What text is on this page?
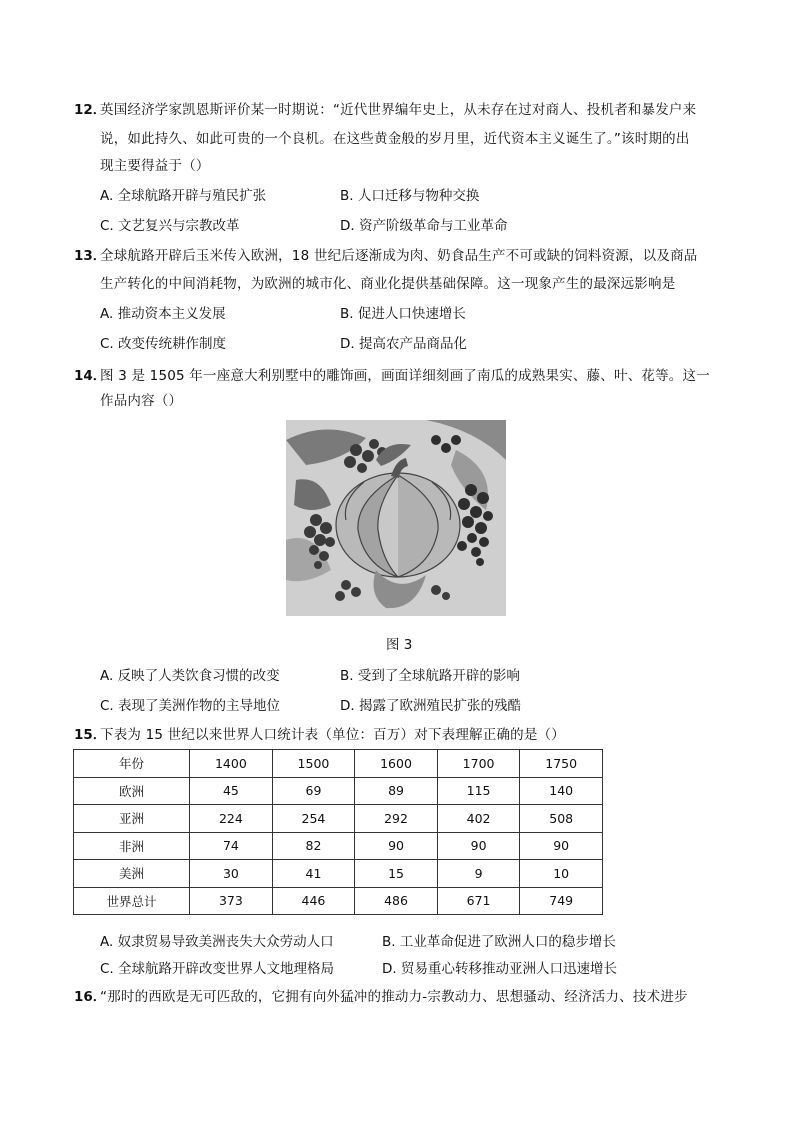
12．
英国经济学家凯恩斯评价某一时期说：“近代世界编年史上，从未存在过对商人、投机者和暴发户来
说，如此持久、如此可贵的一个良机。在这些黄金般的岁月里，近代资本主义诞生了。”该时期的出
现主要得益于（）
A. 全球航路开辟与殖民扩张	B. 人口迁移与物种交换
C. 文艺复兴与宗教改革	D. 资产阶级革命与工业革命
13．
全球航路开辟后玉米传入欧洲，18 世纪后逐渐成为肉、奶食品生产不可或缺的饲料资源，以及商品
生产转化的中间消耗物，为欧洲的城市化、商业化提供基础保障。这一现象产生的最深远影响是
A. 推动资本主义发展	B. 促进人口快速增长
C. 改变传统耕作制度	D. 提高农产品商品化
14．
图 3 是 1505 年一座意大利别墅中的雕饰画，画面详细刻画了南瓜的成熟果实、藤、叶、花等。这一
作品内容（）
图 3
A. 反映了人类饮食习惯的改变	B. 受到了全球航路开辟的影响
C. 表现了美洲作物的主导地位	D. 揭露了欧洲殖民扩张的残酷
15．
下表为 15 世纪以来世界人口统计表（单位：百万）对下表理解正确的是（）
年份	1400	1500	1600	1700	1750
欧洲	45	69	89	115	140
亚洲	224	254	292	402	508
非洲	74	82	90	90	90
美洲	30	41	15	9	10
世界总计	373	446	486	671	749
A. 奴隶贸易导致美洲丧失大众劳动人口	B. 工业革命促进了欧洲人口的稳步增长
C. 全球航路开辟改变世界人文地理格局	D. 贸易重心转移推动亚洲人口迅速增长
16．
“那时的西欧是无可匹敌的，它拥有向外猛冲的推动力-宗教动力、思想骚动、经济活力、技术进步
